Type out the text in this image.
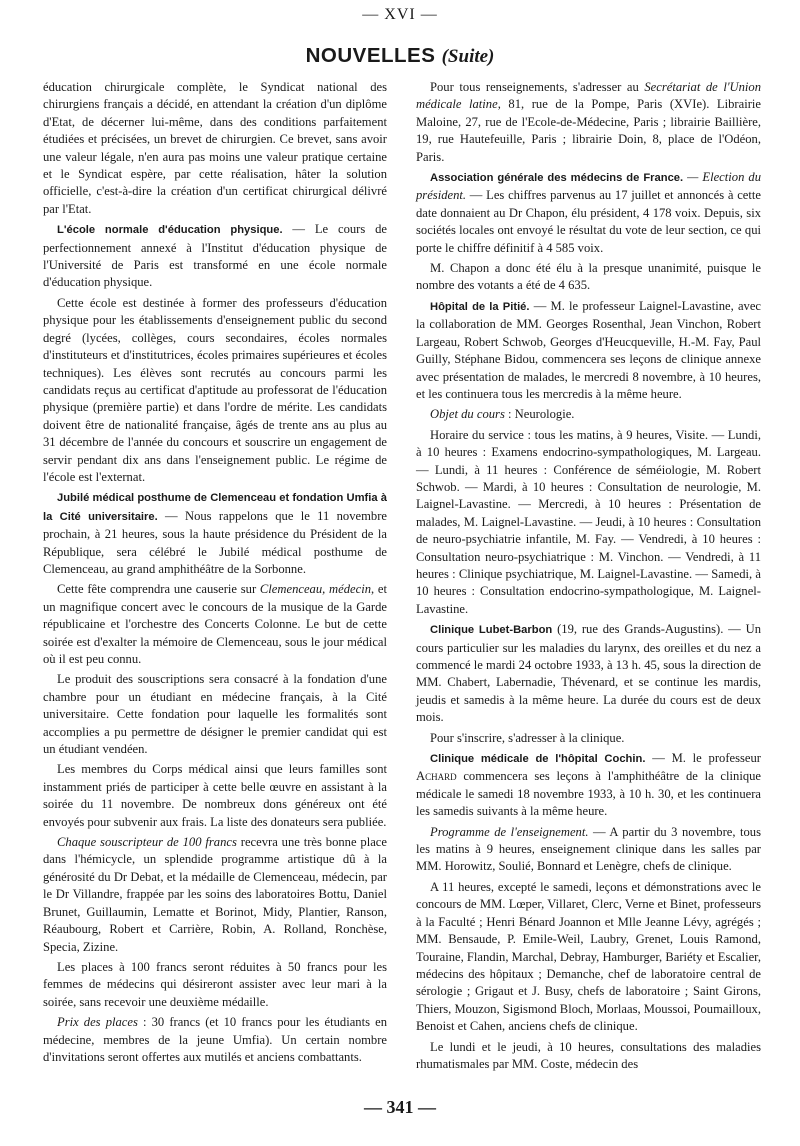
— XVI —
NOUVELLES (Suite)

éducation chirurgicale complète, le Syndicat national des chirurgiens français a décidé, en attendant la création d'un diplôme d'Etat, de décerner lui-même, dans des conditions parfaitement étudiées et précisées, un brevet de chirurgien. Ce brevet, sans avoir une valeur légale, n'en aura pas moins une valeur pratique certaine et le Syndicat espère, par cette réalisation, hâter la solution officielle, c'est-à-dire la création d'un certificat chirurgical délivré par l'Etat.

L'école normale d'éducation physique. — Le cours de perfectionnement annexé à l'Institut d'éducation physique de l'Université de Paris est transformé en une école normale d'éducation physique.

Cette école est destinée à former des professeurs d'éducation physique pour les établissements d'enseignement public du second degré (lycées, collèges, cours secondaires, écoles normales d'instituteurs et d'institutrices, écoles primaires supérieures et écoles techniques). Les élèves sont recrutés au concours parmi les candidats reçus au certificat d'aptitude au professorat de l'éducation physique (première partie) et dans l'ordre de mérite. Les candidats doivent être de nationalité française, âgés de trente ans au plus au 31 décembre de l'année du concours et souscrire un engagement de servir pendant dix ans dans l'enseignement public. Le régime de l'école est l'externat.

Jubilé médical posthume de Clemenceau et fondation Umfia à la Cité universitaire. — Nous rappelons que le 11 novembre prochain, à 21 heures, sous la haute présidence du Président de la République, sera célébré le Jubilé médical posthume de Clemenceau, au grand amphithéâtre de la Sorbonne.

Cette fête comprendra une causerie sur Clemenceau, médecin, et un magnifique concert avec le concours de la musique de la Garde républicaine et l'orchestre des Concerts Colonne. Le but de cette soirée est d'exalter la mémoire de Clemenceau, sous le jour médical où il est peu connu.

Le produit des souscriptions sera consacré à la fondation d'une chambre pour un étudiant en médecine français, à la Cité universitaire. Cette fondation pour laquelle les formalités sont accomplies a pu permettre de désigner le premier candidat qui est un étudiant vendéen.

Les membres du Corps médical ainsi que leurs familles sont instamment priés de participer à cette belle œuvre en assistant à la soirée du 11 novembre. De nombreux dons généreux ont été envoyés pour subvenir aux frais. La liste des donateurs sera publiée.

Chaque souscripteur de 100 francs recevra une très bonne place dans l'hémicycle, un splendide programme artistique dû à la générosité du Dr Debat, et la médaille de Clemenceau, médecin, par le Dr Villandre, frappée par les soins des laboratoires Bottu, Daniel Brunet, Guillaumin, Lematte et Borinot, Midy, Plantier, Ranson, Réaubourg, Robert et Carrière, Robin, A. Rolland, Ronchèse, Specia, Zizine.

Les places à 100 francs seront réduites à 50 francs pour les femmes de médecins qui désireront assister avec leur mari à la soirée, sans recevoir une deuxième médaille.

Prix des places : 30 francs (et 10 francs pour les étudiants en médecine, membres de la jeune Umfia). Un certain nombre d'invitations seront offertes aux mutilés et anciens combattants.

Pour tous renseignements, s'adresser au Secrétariat de l'Union médicale latine, 81, rue de la Pompe, Paris (XVIe). Librairie Maloine, 27, rue de l'Ecole-de-Médecine, Paris ; librairie Baillière, 19, rue Hautefeuille, Paris ; librairie Doin, 8, place de l'Odéon, Paris.

Association générale des médecins de France. — Election du président. — Les chiffres parvenus au 17 juillet et annoncés à cette date donnaient au Dr Chapon, élu président, 4 178 voix. Depuis, six sociétés locales ont envoyé le résultat du vote de leur section, ce qui porte le chiffre définitif à 4 585 voix.

M. Chapon a donc été élu à la presque unanimité, puisque le nombre des votants a été de 4 635.

Hôpital de la Pitié. — M. le professeur Laignel-Lavastine, avec la collaboration de MM. Georges Rosenthal, Jean Vinchon, Robert Largeau, Robert Schwob, Georges d'Heucqueville, H.-M. Fay, Paul Guilly, Stéphane Bidou, commencera ses leçons de clinique annexe avec présentation de malades, le mercredi 8 novembre, à 10 heures, et les continuera tous les mercredis à la même heure.

Objet du cours : Neurologie.

Horaire du service : tous les matins, à 9 heures, Visite. — Lundi, à 10 heures : Examens endocrino-sympathologiques, M. Largeau. — Lundi, à 11 heures : Conférence de séméiologie, M. Robert Schwob. — Mardi, à 10 heures : Consultation de neurologie, M. Laignel-Lavastine. — Mercredi, à 10 heures : Présentation de malades, M. Laignel-Lavastine. — Jeudi, à 10 heures : Consultation de neuro-psychiatrie infantile, M. Fay. — Vendredi, à 10 heures : Consultation neuro-psychiatrique : M. Vinchon. — Vendredi, à 11 heures : Clinique psychiatrique, M. Laignel-Lavastine. — Samedi, à 10 heures : Consultation endocrino-sympathologique, M. Laignel-Lavastine.

Clinique Lubet-Barbon (19, rue des Grands-Augustins). — Un cours particulier sur les maladies du larynx, des oreilles et du nez a commencé le mardi 24 octobre 1933, à 13 h. 45, sous la direction de MM. Chabert, Labernadie, Thévenard, et se continue les mardis, jeudis et samedis à la même heure. La durée du cours est de deux mois.

Pour s'inscrire, s'adresser à la clinique.

Clinique médicale de l'hôpital Cochin. — M. le professeur Achard commencera ses leçons à l'amphithéâtre de la clinique médicale le samedi 18 novembre 1933, à 10 h. 30, et les continuera les samedis suivants à la même heure.

Programme de l'enseignement. — A partir du 3 novembre, tous les matins à 9 heures, enseignement clinique dans les salles par MM. Horowitz, Soulié, Bonnard et Lenègre, chefs de clinique.

A 11 heures, excepté le samedi, leçons et démonstrations avec le concours de MM. Lœper, Villaret, Clerc, Verne et Binet, professeurs à la Faculté ; Henri Bénard Joannon et Mlle Jeanne Lévy, agrégés ; MM. Bensaude, P. Emile-Weil, Laubry, Grenet, Louis Ramond, Touraine, Flandin, Marchal, Debray, Hamburger, Bariéty et Escalier, médecins des hôpitaux ; Demanche, chef de laboratoire central de sérologie ; Grigaut et J. Busy, chefs de laboratoire ; Saint Girons, Thiers, Mouzon, Sigismond Bloch, Morlaas, Moussoi, Poumailloux, Benoist et Cahen, anciens chefs de clinique.

Le lundi et le jeudi, à 10 heures, consultations des maladies rhumatismales par MM. Coste, médecin des

— 341 —
